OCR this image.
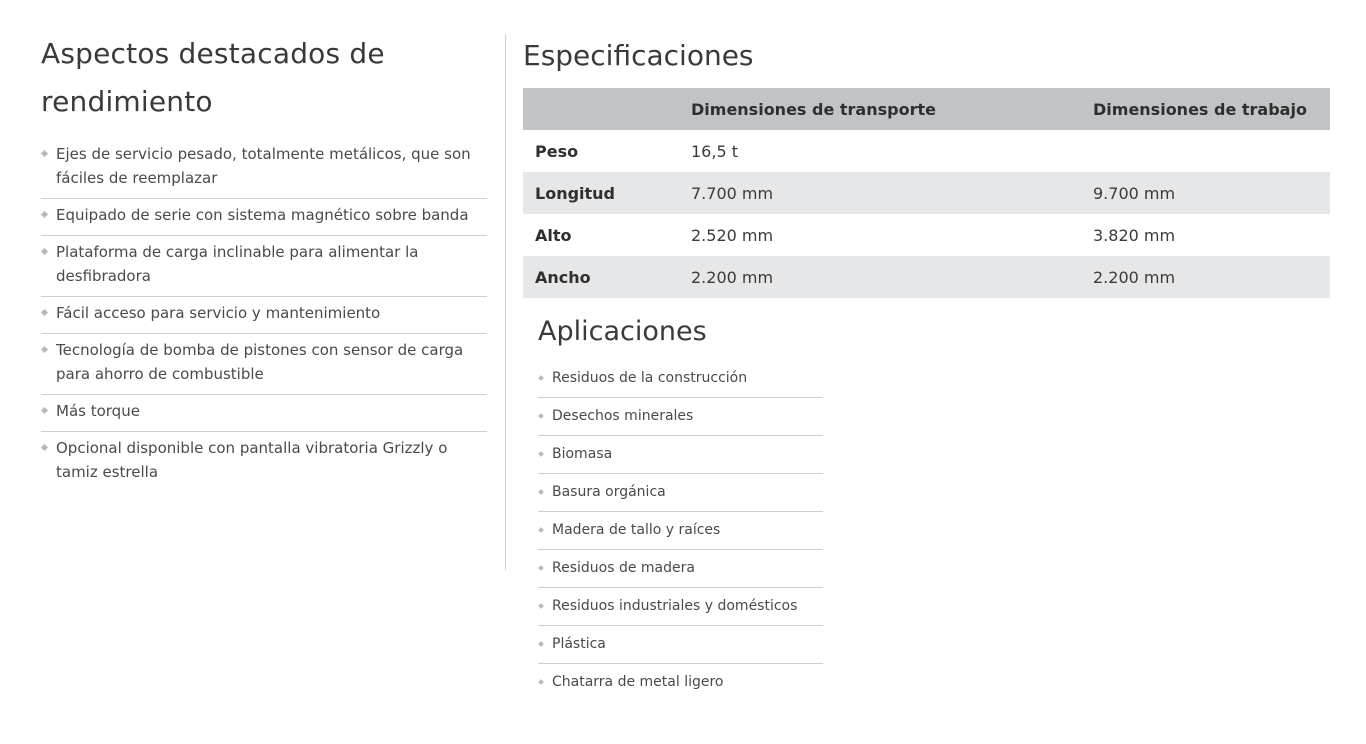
Aspectos destacados de rendimiento
Ejes de servicio pesado, totalmente metálicos, que son fáciles de reemplazar
Equipado de serie con sistema magnético sobre banda
Plataforma de carga inclinable para alimentar la desfibradora
Fácil acceso para servicio y mantenimiento
Tecnología de bomba de pistones con sensor de carga para ahorro de combustible
Más torque
Opcional disponible con pantalla vibratoria Grizzly o tamiz estrella
Especificaciones
	Dimensiones de transporte	Dimensiones de trabajo
Peso	16,5 t	
Longitud	7.700 mm	9.700 mm
Alto	2.520 mm	3.820 mm
Ancho	2.200 mm	2.200 mm
Aplicaciones
Residuos de la construcción
Desechos minerales
Biomasa
Basura orgánica
Madera de tallo y raíces
Residuos de madera
Residuos industriales y domésticos
Plástica
Chatarra de metal ligero
